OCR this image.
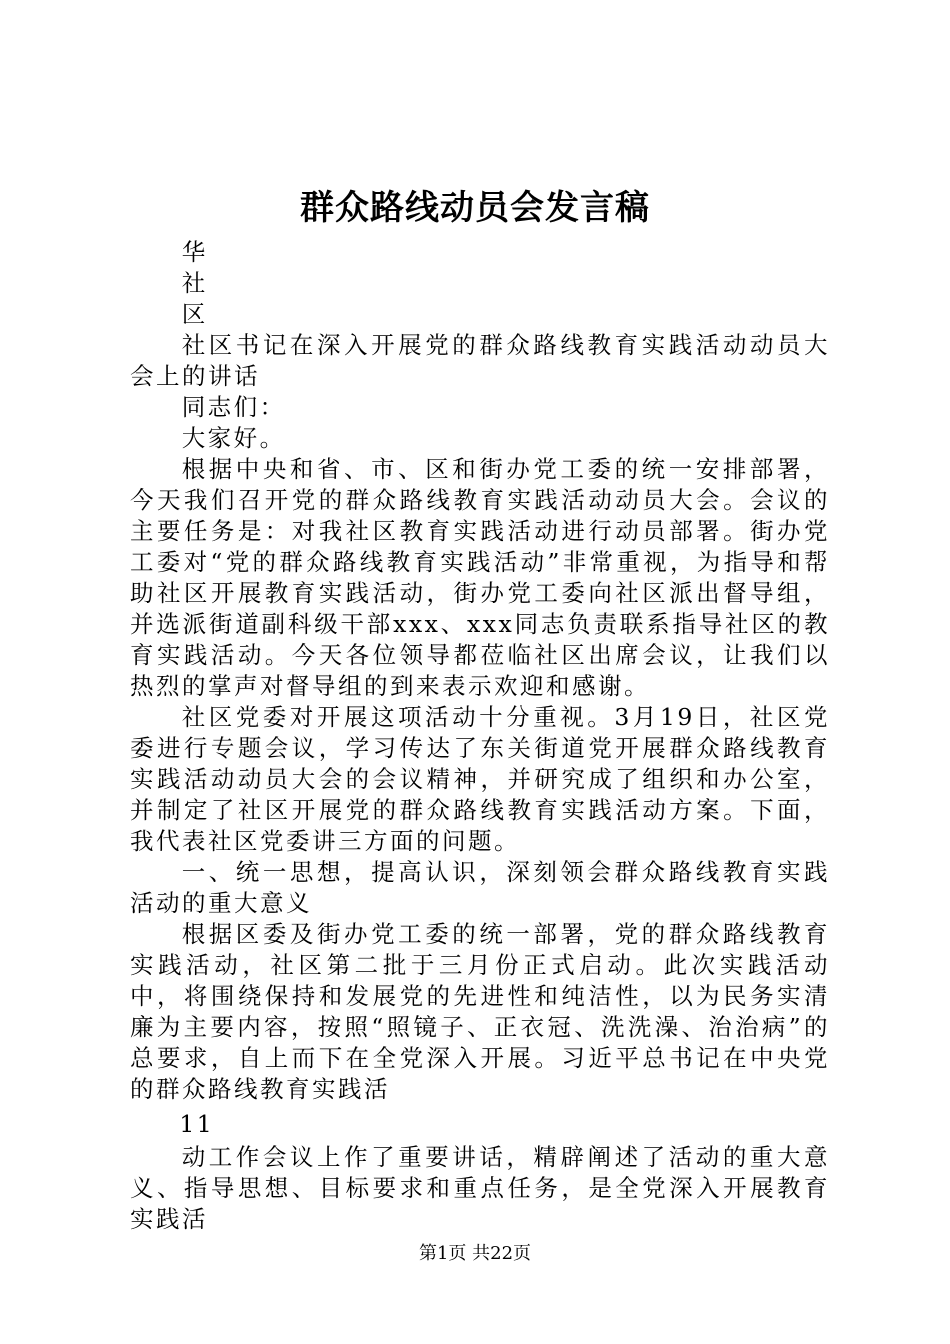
群众路线动员会发言稿

华

社

区

社区书记在深入开展党的群众路线教育实践活动动员大会上的讲话

同志们：

大家好。

根据中央和省、市、区和街办党工委的统一安排部署，今天我们召开党的群众路线教育实践活动动员大会。会议的主要任务是：对我社区教育实践活动进行动员部署。街办党工委对“党的群众路线教育实践活动”非常重视，为指导和帮助社区开展教育实践活动，街办党工委向社区派出督导组，并选派街道副科级干部xxx、xxx同志负责联系指导社区的教育实践活动。今天各位领导都莅临社区出席会议，让我们以热烈的掌声对督导组的到来表示欢迎和感谢。

社区党委对开展这项活动十分重视。3月19日，社区党委进行专题会议，学习传达了东关街道党开展群众路线教育实践活动动员大会的会议精神，并研究成了组织和办公室，并制定了社区开展党的群众路线教育实践活动方案。下面，我代表社区党委讲三方面的问题。

一、统一思想，提高认识，深刻领会群众路线教育实践活动的重大意义

根据区委及街办党工委的统一部署，党的群众路线教育实践活动，社区第二批于三月份正式启动。此次实践活动中，将围绕保持和发展党的先进性和纯洁性，以为民务实清廉为主要内容，按照“照镜子、正衣冠、洗洗澡、治治病”的总要求，自上而下在全党深入开展。习近平总书记在中央党的群众路线教育实践活

11

动工作会议上作了重要讲话，精辟阐述了活动的重大意义、指导思想、目标要求和重点任务，是全党深入开展教育实践活

第1页 共22页
